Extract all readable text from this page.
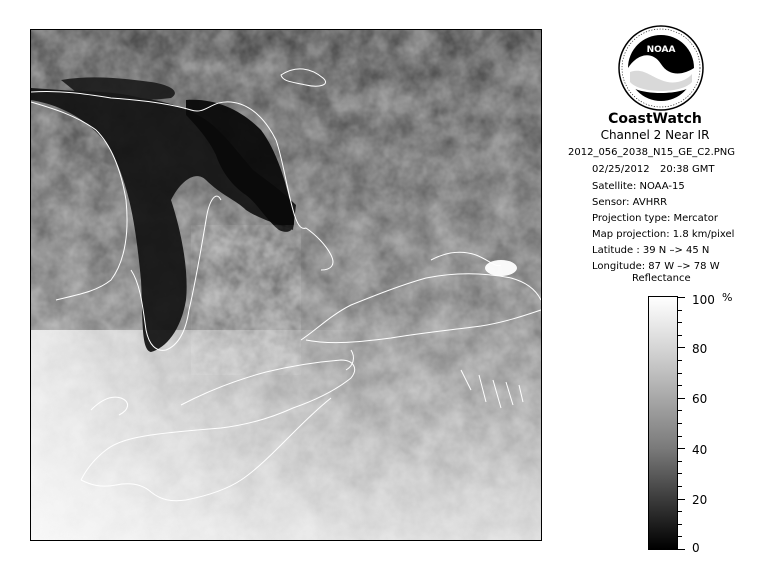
NOAA
CoastWatch
Channel 2 Near IR
2012_056_2038_N15_GE_C2.PNG
02/25/2012 20:38 GMT
Satellite: NOAA-15
Sensor: AVHRR
Projection type: Mercator
Map projection: 1.8 km/pixel
Latitude : 39 N –> 45 N
Longitude: 87 W –> 78 W
Reflectance
%
100
80
60
40
20
0
